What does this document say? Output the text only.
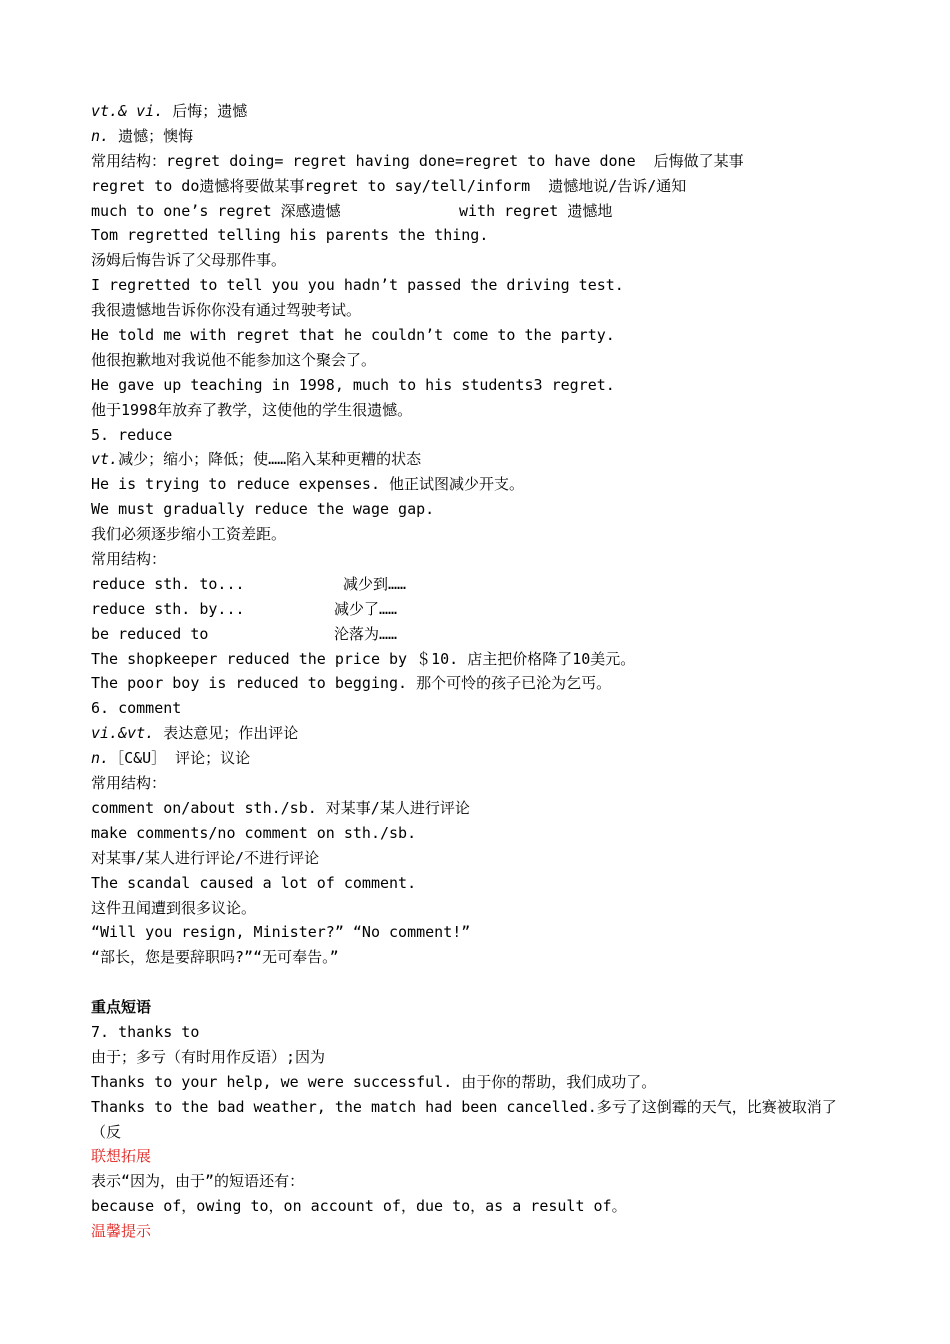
vt.& vi. 后悔；遗憾
n. 遗憾；懊悔
常用结构：regret doing= regret having done=regret to have done  后悔做了某事
regret to do遗憾将要做某事regret to say/tell/inform  遗憾地说/告诉/通知
much to one’s regret 深感遗憾	with regret 遗憾地
Tom regretted telling his parents the thing.
汤姆后悔告诉了父母那件事。
I regretted to tell you you hadn’t passed the driving test.
我很遗憾地告诉你你没有通过驾驶考试。
He told me with regret that he couldn’t come to the party.
他很抱歉地对我说他不能参加这个聚会了。
He gave up teaching in 1998, much to his students3 regret.
他于1998年放弃了教学，这使他的学生很遗憾。
5. reduce
vt.减少；缩小；降低；使……陷入某种更糟的状态
He is trying to reduce expenses. 他正试图减少开支。
We must gradually reduce the wage gap.
我们必须逐步缩小工资差距。
常用结构：
reduce sth. to...	减少到……
reduce sth. by...	减少了……
be reduced to	沦落为……
The shopkeeper reduced the price by ＄10. 店主把价格降了10美元。
The poor boy is reduced to begging. 那个可怜的孩子已沦为乞丐。
6. comment
vi.&vt. 表达意见；作出评论
n.［C&U］ 评论；议论
常用结构：
comment on/about sth./sb. 对某事/某人进行评论
make comments/no comment on sth./sb.
对某事/某人进行评论/不进行评论
The scandal caused a lot of comment.
这件丑闻遭到很多议论。
“Will you resign, Minister?” “No comment!”
“部长，您是要辞职吗?”“无可奉告。”
重点短语
7. thanks to
由于；多亏（有时用作反语）;因为
Thanks to your help, we were successful. 由于你的帮助，我们成功了。
Thanks to the bad weather, the match had been cancelled.多亏了这倒霉的天气，比赛被取消了
（反
联想拓展
表示“因为，由于”的短语还有：
because of，owing to，on account of，due to，as a result of。
温馨提示
